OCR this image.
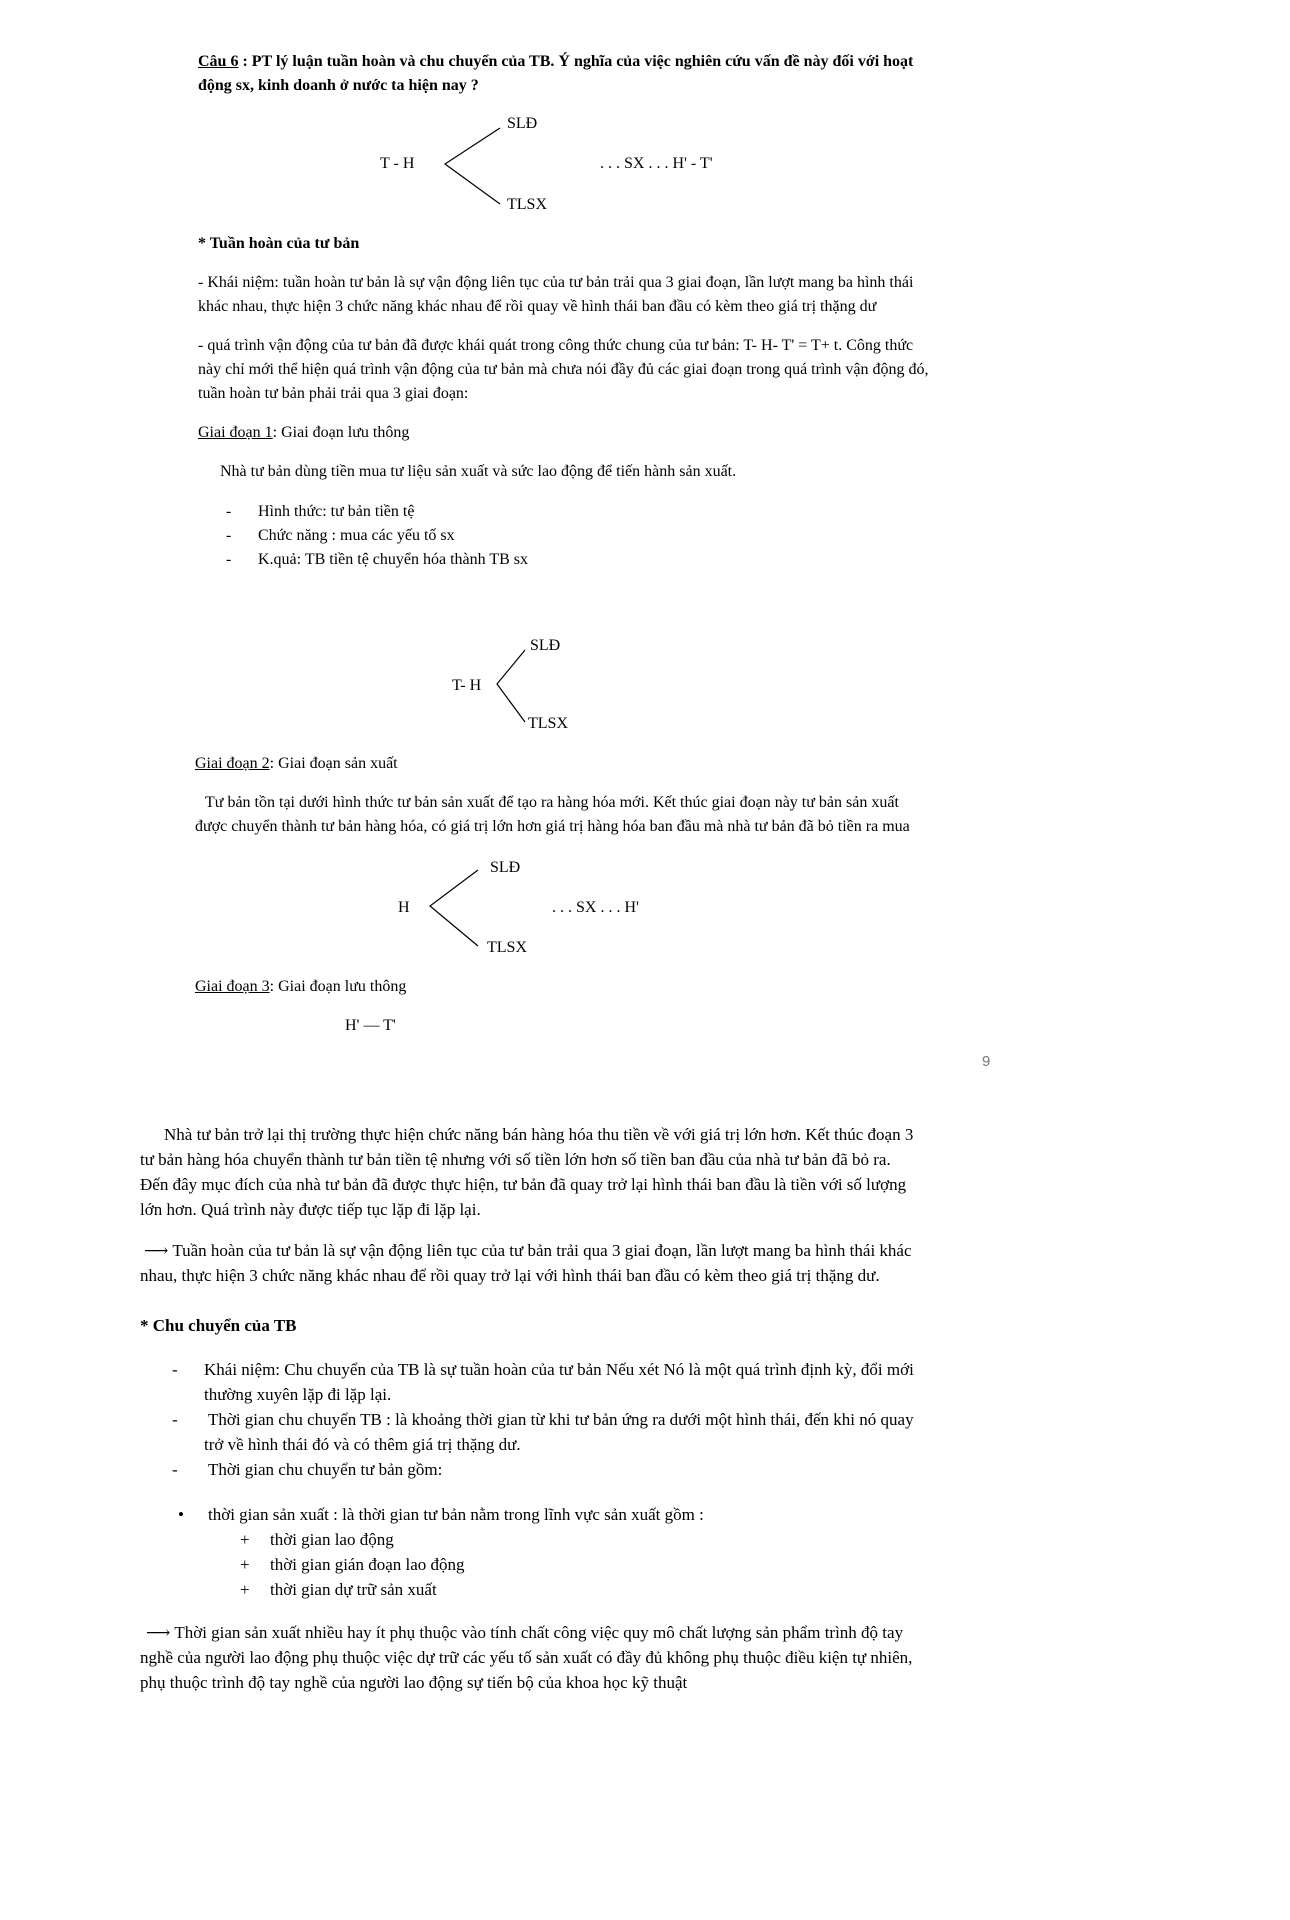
Câu 6 : PT lý luận tuần hoàn và chu chuyển của TB. Ý nghĩa của việc nghiên cứu vấn đề này đối với hoạt
động sx, kinh doanh ở nước ta hiện nay ?
T - H
SLĐ
TLSX
. . . SX . . . H' - T'
* Tuần hoàn của tư bản
- Khái niệm: tuần hoàn tư bản là sự vận động liên tục của tư bản trải qua 3 giai đoạn, lần lượt mang ba hình thái
khác nhau, thực hiện 3 chức năng khác nhau để rồi quay về hình thái ban đầu có kèm theo giá trị thặng dư
- quá trình vận động của tư bản đã được khái quát trong công thức chung của tư bản: T- H- T' = T+ t. Công thức
này chỉ mới thể hiện quá trình vận động của tư bản mà chưa nói đầy đủ các giai đoạn trong quá trình vận động đó,
tuần hoàn tư bản phải trải qua 3 giai đoạn:
Giai đoạn 1: Giai đoạn lưu thông
Nhà tư bản dùng tiền mua tư liệu sản xuất và sức lao động để tiến hành sản xuất.
- Hình thức: tư bản tiền tệ
- Chức năng : mua các yếu tố sx
- K.quả: TB tiền tệ chuyển hóa thành TB sx
T- H
SLĐ
TLSX
Giai đoạn 2: Giai đoạn sản xuất
Tư bản tồn tại dưới hình thức tư bản sản xuất để tạo ra hàng hóa mới. Kết thúc giai đoạn này tư bản sản xuất
được chuyển thành tư bản hàng hóa, có giá trị lớn hơn giá trị hàng hóa ban đầu mà nhà tư bản đã bỏ tiền ra mua
H
SLĐ
TLSX
. . . SX . . . H'
Giai đoạn 3: Giai đoạn lưu thông
H' — T'
9
Nhà tư bản trở lại thị trường thực hiện chức năng bán hàng hóa thu tiền về với giá trị lớn hơn. Kết thúc đoạn 3
tư bản hàng hóa chuyển thành tư bản tiền tệ nhưng với số tiền lớn hơn số tiền ban đầu của nhà tư bản đã bỏ ra.
Đến đây mục đích của nhà tư bản đã được thực hiện, tư bản đã quay trở lại hình thái ban đầu là tiền với số lượng
lớn hơn. Quá trình này được tiếp tục lặp đi lặp lại.
⟶ Tuần hoàn của tư bản là sự vận động liên tục của tư bản trải qua 3 giai đoạn, lần lượt mang ba hình thái khác
nhau, thực hiện 3 chức năng khác nhau để rồi quay trở lại với hình thái ban đầu có kèm theo giá trị thặng dư.
* Chu chuyển của TB
- Khái niệm: Chu chuyển của TB là sự tuần hoàn của tư bản Nếu xét Nó là một quá trình định kỳ, đổi mới
thường xuyên lặp đi lặp lại.
- Thời gian chu chuyển TB : là khoảng thời gian từ khi tư bản ứng ra dưới một hình thái, đến khi nó quay
trở về hình thái đó và có thêm giá trị thặng dư.
- Thời gian chu chuyển tư bản gồm:
• thời gian sản xuất : là thời gian tư bản nằm trong lĩnh vực sản xuất gồm :
+ thời gian lao động
+ thời gian gián đoạn lao động
+ thời gian dự trữ sản xuất
⟶ Thời gian sản xuất nhiều hay ít phụ thuộc vào tính chất công việc quy mô chất lượng sản phẩm trình độ tay
nghề của người lao động phụ thuộc việc dự trữ các yếu tố sản xuất có đầy đủ không phụ thuộc điều kiện tự nhiên,
phụ thuộc trình độ tay nghề của người lao động sự tiến bộ của khoa học kỹ thuật
